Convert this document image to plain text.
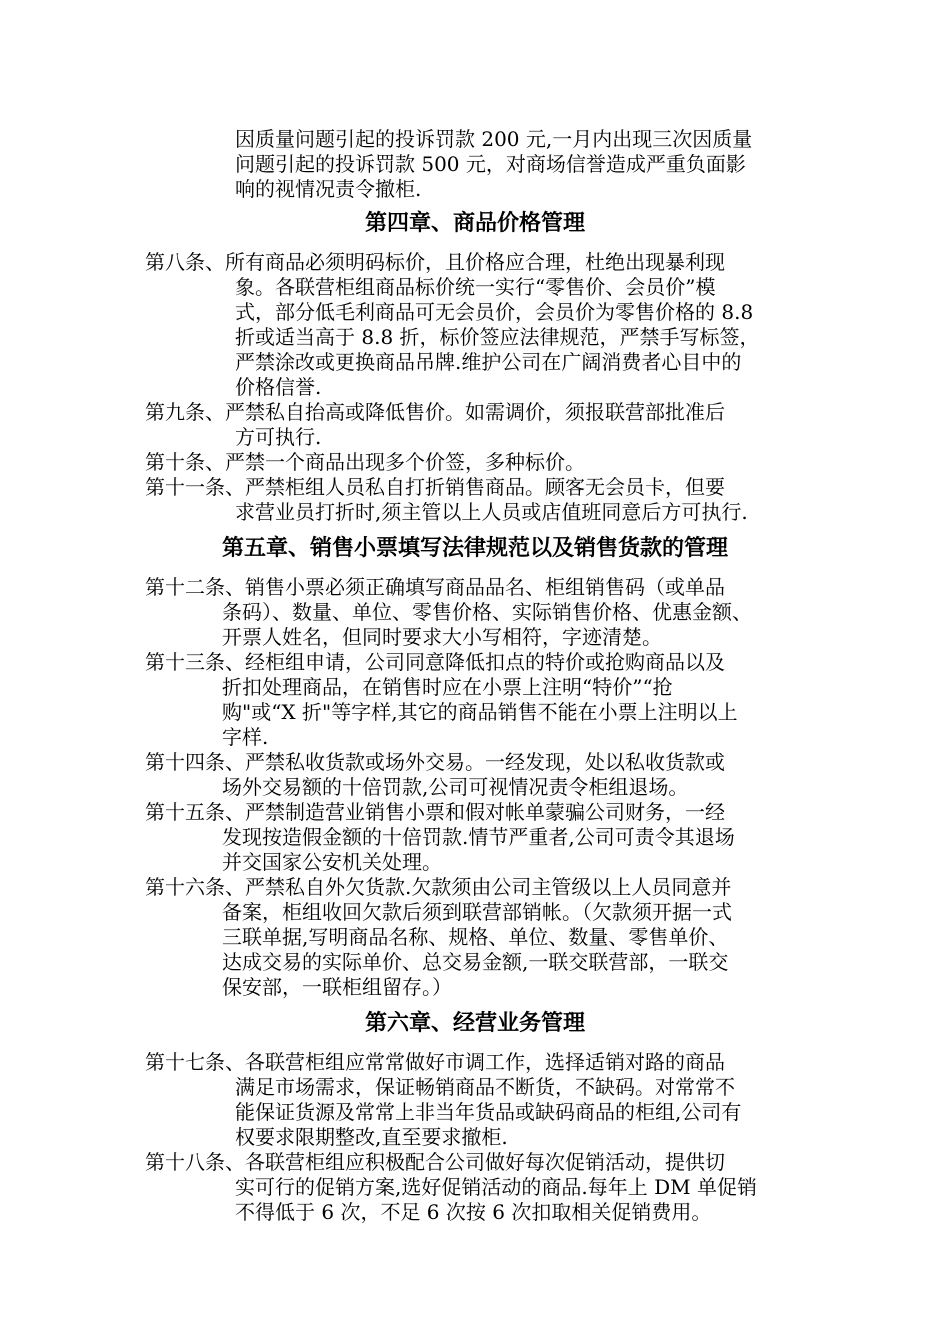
因质量问题引起的投诉罚款 200 元,一月内出现三次因质量
问题引起的投诉罚款 500 元，对商场信誉造成严重负面影
响的视情况责令撤柜.
第四章、商品价格管理
第八条、所有商品必须明码标价，且价格应合理，杜绝出现暴利现
象。各联营柜组商品标价统一实行“零售价、会员价”模
式，部分低毛利商品可无会员价，会员价为零售价格的 8.8
折或适当高于 8.8 折，标价签应法律规范，严禁手写标签，
严禁涂改或更换商品吊牌.维护公司在广阔消费者心目中的
价格信誉.
第九条、严禁私自抬高或降低售价。如需调价，须报联营部批准后
方可执行.
第十条、严禁一个商品出现多个价签，多种标价。
第十一条、严禁柜组人员私自打折销售商品。顾客无会员卡，但要
求营业员打折时,须主管以上人员或店值班同意后方可执行.
第五章、销售小票填写法律规范以及销售货款的管理
第十二条、销售小票必须正确填写商品品名、柜组销售码（或单品
条码）、数量、单位、零售价格、实际销售价格、优惠金额、
开票人姓名，但同时要求大小写相符，字迹清楚。
第十三条、经柜组申请，公司同意降低扣点的特价或抢购商品以及
折扣处理商品，在销售时应在小票上注明“特价”“抢
购"或“X 折"等字样,其它的商品销售不能在小票上注明以上
字样.
第十四条、严禁私收货款或场外交易。一经发现，处以私收货款或
场外交易额的十倍罚款,公司可视情况责令柜组退场。
第十五条、严禁制造营业销售小票和假对帐单蒙骗公司财务，一经
发现按造假金额的十倍罚款.情节严重者,公司可责令其退场
并交国家公安机关处理。
第十六条、严禁私自外欠货款.欠款须由公司主管级以上人员同意并
备案，柜组收回欠款后须到联营部销帐。（欠款须开据一式
三联单据,写明商品名称、规格、单位、数量、零售单价、
达成交易的实际单价、总交易金额,一联交联营部，一联交
保安部，一联柜组留存。）
第六章、经营业务管理
第十七条、各联营柜组应常常做好市调工作，选择适销对路的商品
满足市场需求，保证畅销商品不断货，不缺码。对常常不
能保证货源及常常上非当年货品或缺码商品的柜组,公司有
权要求限期整改,直至要求撤柜.
第十八条、各联营柜组应积极配合公司做好每次促销活动，提供切
实可行的促销方案,选好促销活动的商品.每年上 DM 单促销
不得低于 6 次，不足 6 次按 6 次扣取相关促销费用。
